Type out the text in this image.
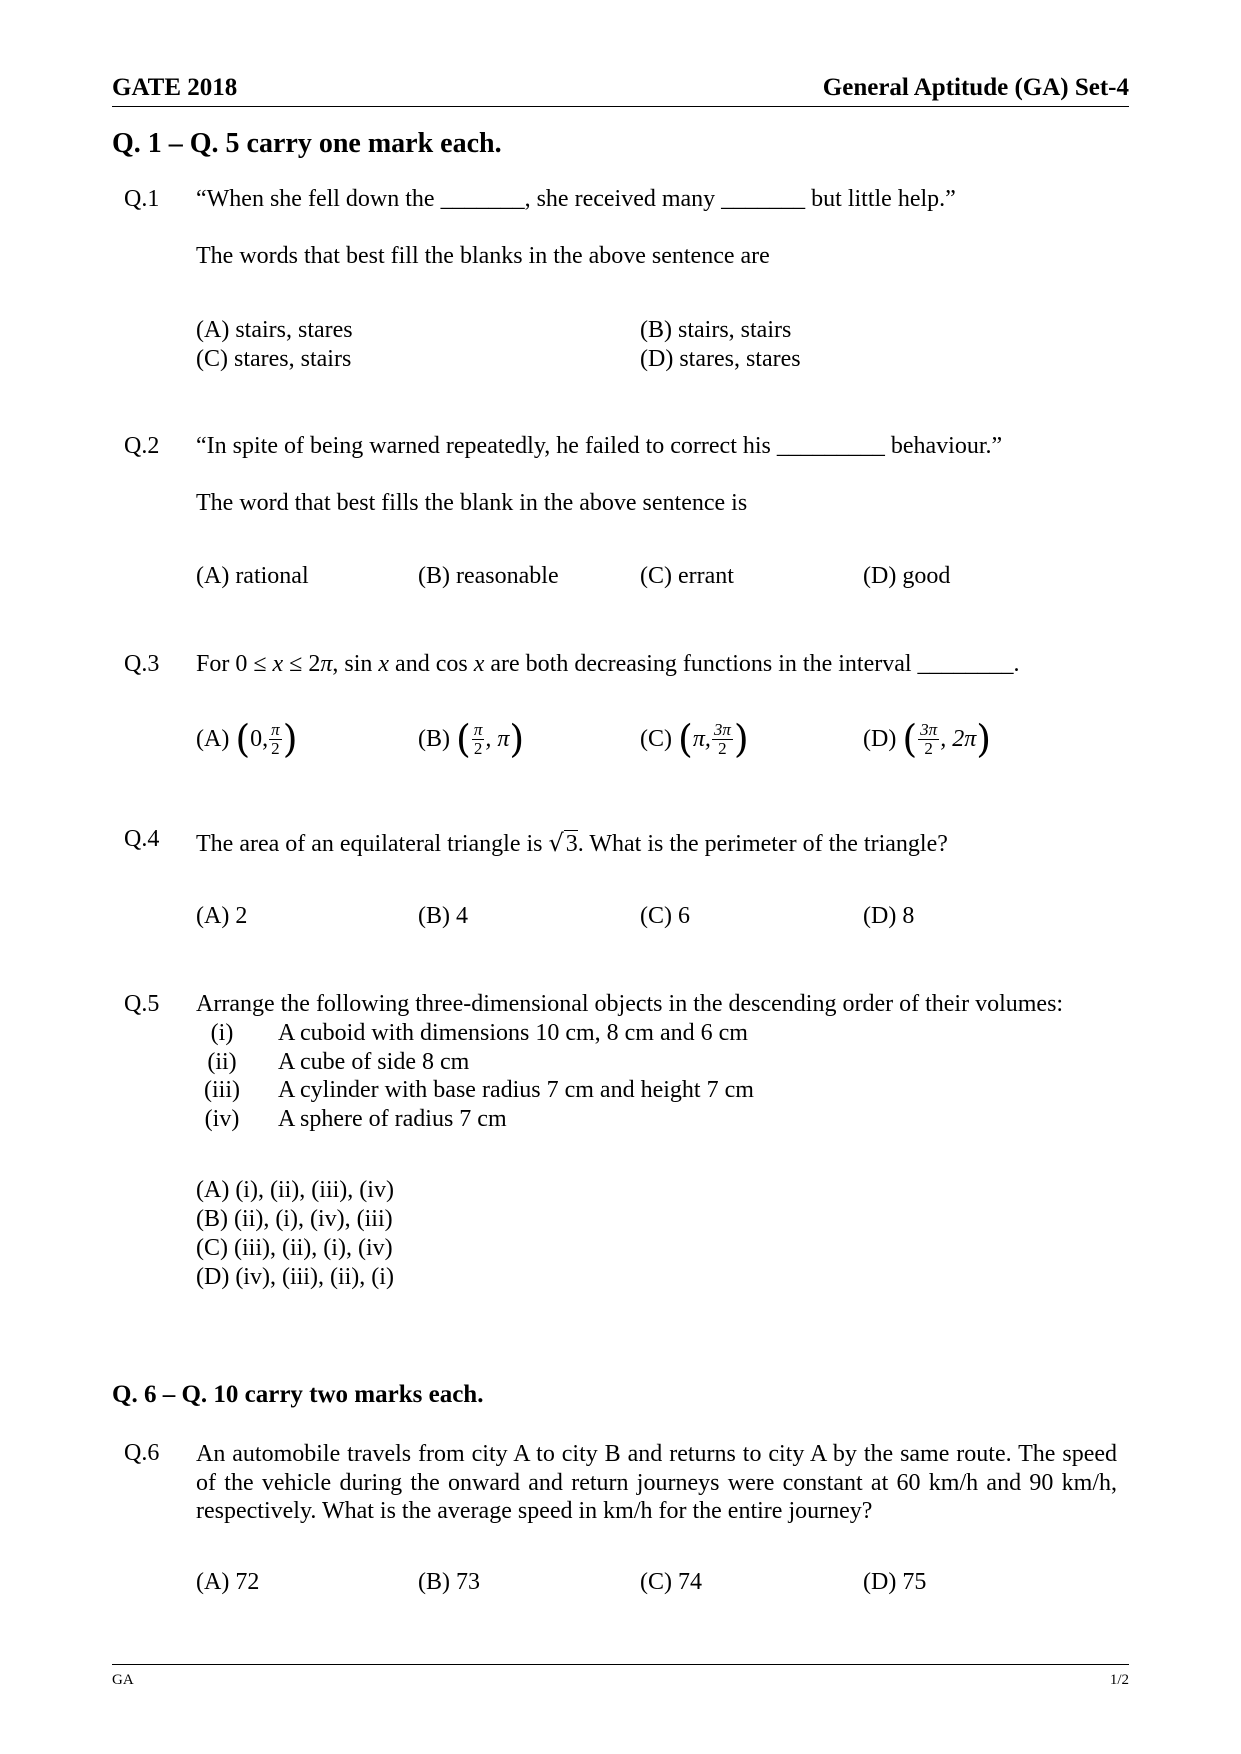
GATE 2018	General Aptitude (GA) Set-4
Q. 1 – Q. 5 carry one mark each.
Q.1 “When she fell down the _______, she received many _______ but little help.”
The words that best fill the blanks in the above sentence are
(A) stairs, stares	(B) stairs, stairs
(C) stares, stairs	(D) stares, stares
Q.2 “In spite of being warned repeatedly, he failed to correct his _________ behaviour.”
The word that best fills the blank in the above sentence is
(A) rational	(B) reasonable	(C) errant	(D) good
Q.3 For 0 ≤ x ≤ 2π, sin x and cos x are both decreasing functions in the interval ________.
(A) ( 0, $\frac{\pi}{2}$ )	(B) ( $\frac{\pi}{2}$ , π )	(C) ( π, $\frac{3\pi}{2}$ )	(D) ( $\frac{3\pi}{2}$ , 2π )
Q.4 The area of an equilateral triangle is √3. What is the perimeter of the triangle?
(A) 2	(B) 4	(C) 6	(D) 8
Q.5 Arrange the following three-dimensional objects in the descending order of their volumes:
(i)	A cuboid with dimensions 10 cm, 8 cm and 6 cm
(ii)	A cube of side 8 cm
(iii)	A cylinder with base radius 7 cm and height 7 cm
(iv)	A sphere of radius 7 cm
(A) (i), (ii), (iii), (iv)
(B) (ii), (i), (iv), (iii)
(C) (iii), (ii), (i), (iv)
(D) (iv), (iii), (ii), (i)
Q. 6 – Q. 10 carry two marks each.
Q.6 An automobile travels from city A to city B and returns to city A by the same route. The speed of the vehicle during the onward and return journeys were constant at 60 km/h and 90 km/h, respectively. What is the average speed in km/h for the entire journey?
(A) 72	(B) 73	(C) 74	(D) 75
GA	1/2
